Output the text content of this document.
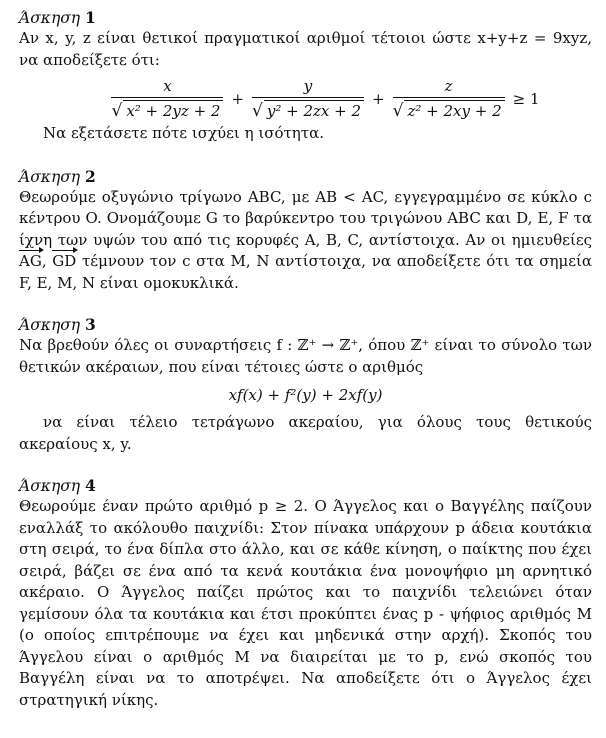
Άσκηση 1

Αν x, y, z είναι θετικοί πραγματικοί αριθμοί τέτοιοι ώστε x+y+z = 9xyz, να αποδείξετε ότι:

$\frac{x}{\text{√ x² + 2yz + 2}} + \frac{y}{\text{√ y² + 2zx + 2}} + \frac{z}{\text{√ z² + 2xy + 2}} \ge 1$

Να εξετάσετε πότε ισχύει η ισότητα.

Άσκηση 2

Θεωρούμε οξυγώνιο τρίγωνο ABC, με AB < AC, εγγεγραμμένο σε κύκλο c κέντρου O. Ονομάζουμε G το βαρύκεντρο του τριγώνου ABC και D, E, F τα ίχνη των υψών του από τις κορυφές A, B, C, αντίστοιχα. Αν οι ημιευθείες AG, GD τέμνουν τον c στα M, N αντίστοιχα, να αποδείξετε ότι τα σημεία F, E, M, N είναι ομοκυκλικά.

Άσκηση 3

Να βρεθούν όλες οι συναρτήσεις f : ℤ⁺ → ℤ⁺, όπου ℤ⁺ είναι το σύνολο των θετικών ακέραιων, που είναι τέτοιες ώστε ο αριθμός

xf(x) + f²(y) + 2xf(y)

να είναι τέλειο τετράγωνο ακεραίου, για όλους τους θετικούς ακεραίους x, y.

Άσκηση 4

Θεωρούμε έναν πρώτο αριθμό p ≥ 2. Ο Άγγελος και ο Βαγγέλης παίζουν εναλλάξ το ακόλουθο παιχνίδι: Στον πίνακα υπάρχουν p άδεια κουτάκια στη σειρά, το ένα δίπλα στο άλλο, και σε κάθε κίνηση, ο παίκτης που έχει σειρά, βάζει σε ένα από τα κενά κουτάκια ένα μονοψήφιο μη αρνητικό ακέραιο. Ο Άγγελος παίζει πρώτος και το παιχνίδι τελειώνει όταν γεμίσουν όλα τα κουτάκια και έτσι προκύπτει ένας p - ψήφιος αριθμός M (ο οποίος επιτρέπουμε να έχει και μηδενικά στην αρχή). Σκοπός του Άγγελου είναι ο αριθμός M να διαιρείται με το p, ενώ σκοπός του Βαγγέλη είναι να το αποτρέψει. Να αποδείξετε ότι ο Άγγελος έχει στρατηγική νίκης.
